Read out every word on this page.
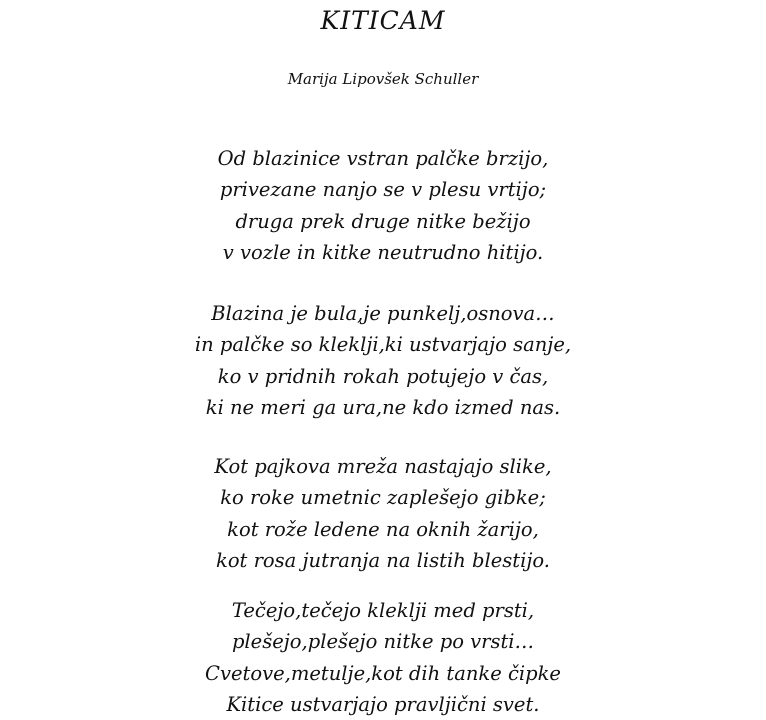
KITICAM
Marija Lipovšek Schuller
Od blazinice vstran palčke brzijo,
privezane nanjo se v plesu vrtijo;
druga prek druge nitke bežijo
v vozle in kitke neutrudno hitijo.
Blazina je bula,je punkelj,osnova…
in palčke so kleklji,ki ustvarjajo sanje,
ko v pridnih rokah potujejo v čas,
ki ne meri ga ura,ne kdo izmed nas.
Kot pajkova mreža nastajajo slike,
ko roke umetnic zaplešejo gibke;
kot rože ledene na oknih žarijo,
kot rosa jutranja na listih blestijo.
Tečejo,tečejo kleklji med prsti,
plešejo,plešejo nitke po vrsti…
Cvetove,metulje,kot dih tanke čipke
Kitice ustvarjajo pravljični svet.
